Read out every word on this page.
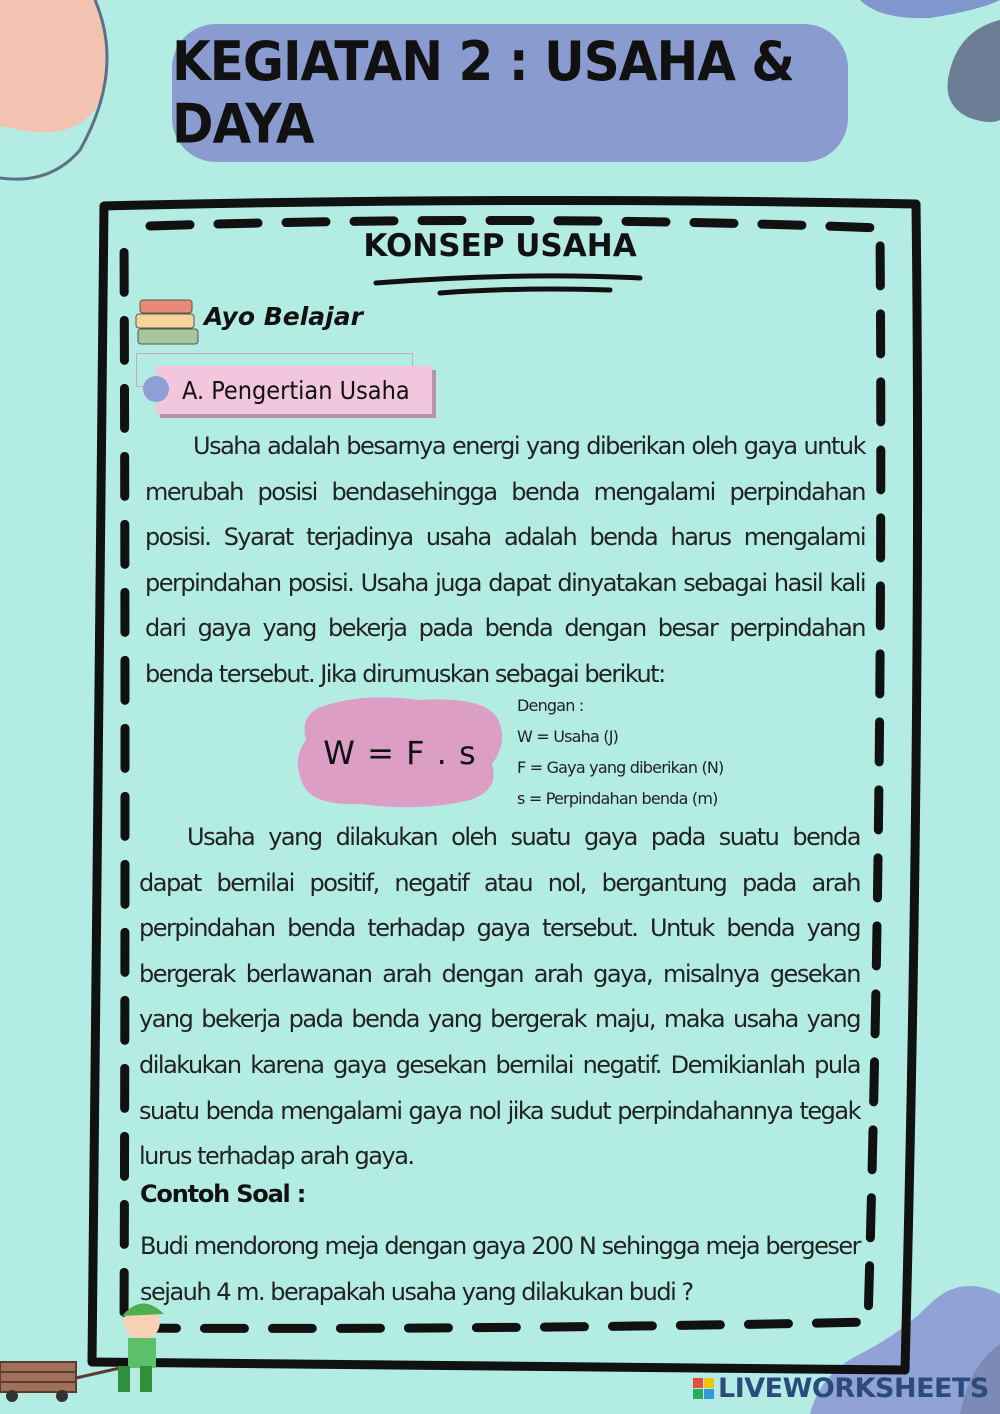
KEGIATAN 2 : USAHA & DAYA
KONSEP USAHA
Ayo Belajar
A. Pengertian Usaha

Usaha adalah besarnya energi yang diberikan oleh gaya untuk merubah posisi bendasehingga benda mengalami perpindahan posisi. Syarat terjadinya usaha adalah benda harus mengalami perpindahan posisi. Usaha juga dapat dinyatakan sebagai hasil kali dari gaya yang bekerja pada benda dengan besar perpindahan benda tersebut. Jika dirumuskan sebagai berikut:

W = F . s
Dengan :
W = Usaha (J)
F = Gaya yang diberikan (N)
s = Perpindahan benda (m)

Usaha yang dilakukan oleh suatu gaya pada suatu benda dapat bernilai positif, negatif atau nol, bergantung pada arah perpindahan benda terhadap gaya tersebut. Untuk benda yang bergerak berlawanan arah dengan arah gaya, misalnya gesekan yang bekerja pada benda yang bergerak maju, maka usaha yang dilakukan karena gaya gesekan bernilai negatif. Demikianlah pula suatu benda mengalami gaya nol jika sudut perpindahannya tegak lurus terhadap arah gaya.

Contoh Soal :

Budi mendorong meja dengan gaya 200 N sehingga meja bergeser sejauh 4 m. berapakah usaha yang dilakukan budi ?

LIVEWORKSHEETS
